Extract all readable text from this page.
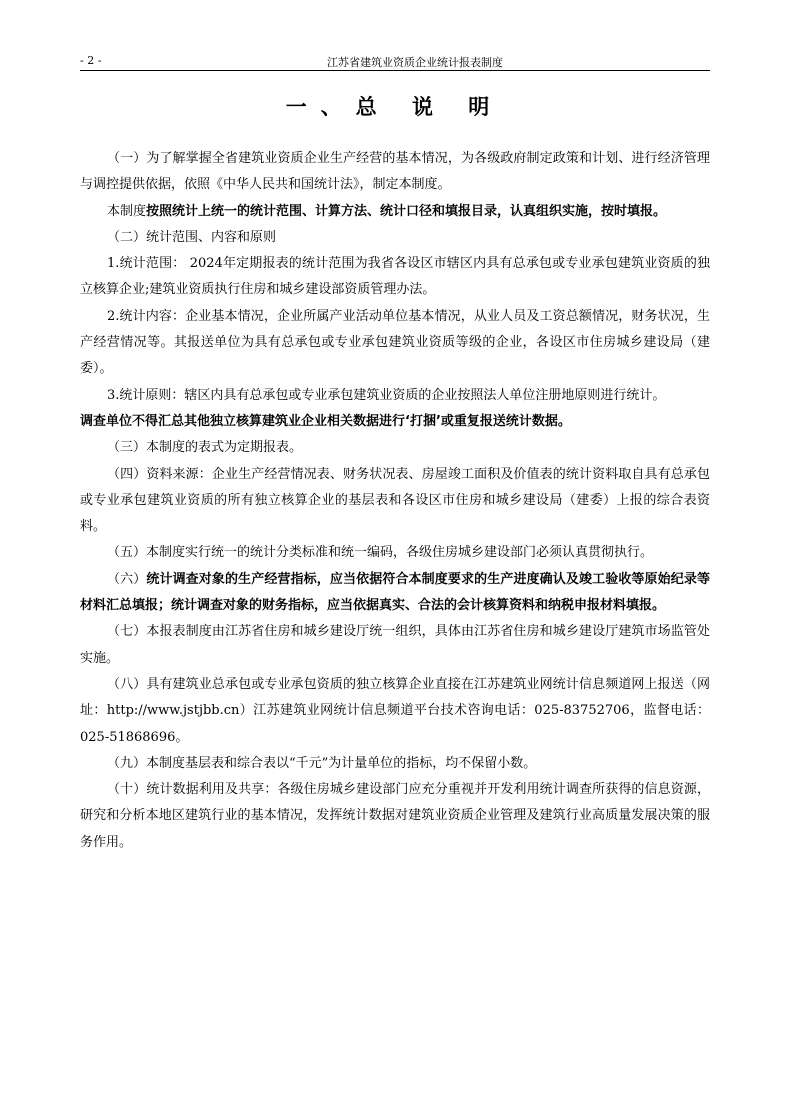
- 2 -	江苏省建筑业资质企业统计报表制度
一、总 说 明

（一）为了解掌握全省建筑业资质企业生产经营的基本情况，为各级政府制定政策和计划、进行经济管理与调控提供依据，依照《中华人民共和国统计法》，制定本制度。

本制度按照统计上统一的统计范围、计算方法、统计口径和填报目录，认真组织实施，按时填报。

（二）统计范围、内容和原则

1.统计范围： 2024年定期报表的统计范围为我省各设区市辖区内具有总承包或专业承包建筑业资质的独立核算企业;建筑业资质执行住房和城乡建设部资质管理办法。

2.统计内容：企业基本情况，企业所属产业活动单位基本情况，从业人员及工资总额情况，财务状况，生产经营情况等。其报送单位为具有总承包或专业承包建筑业资质等级的企业，各设区市住房城乡建设局（建委）。

3.统计原则：辖区内具有总承包或专业承包建筑业资质的企业按照法人单位注册地原则进行统计。

调查单位不得汇总其他独立核算建筑业企业相关数据进行‘打捆’或重复报送统计数据。

（三）本制度的表式为定期报表。

（四）资料来源：企业生产经营情况表、财务状况表、房屋竣工面积及价值表的统计资料取自具有总承包或专业承包建筑业资质的所有独立核算企业的基层表和各设区市住房和城乡建设局（建委）上报的综合表资料。

（五）本制度实行统一的统计分类标准和统一编码，各级住房城乡建设部门必须认真贯彻执行。

（六）统计调查对象的生产经营指标，应当依据符合本制度要求的生产进度确认及竣工验收等原始纪录等材料汇总填报；统计调查对象的财务指标，应当依据真实、合法的会计核算资料和纳税申报材料填报。

（七）本报表制度由江苏省住房和城乡建设厅统一组织，具体由江苏省住房和城乡建设厅建筑市场监管处实施。

（八）具有建筑业总承包或专业承包资质的独立核算企业直接在江苏建筑业网统计信息频道网上报送（网址：http://www.jstjbb.cn）江苏建筑业网统计信息频道平台技术咨询电话：025-83752706，监督电话：025-51868696。

（九）本制度基层表和综合表以“千元”为计量单位的指标，均不保留小数。

（十）统计数据利用及共享：各级住房城乡建设部门应充分重视并开发利用统计调查所获得的信息资源，研究和分析本地区建筑行业的基本情况，发挥统计数据对建筑业资质企业管理及建筑行业高质量发展决策的服务作用。
